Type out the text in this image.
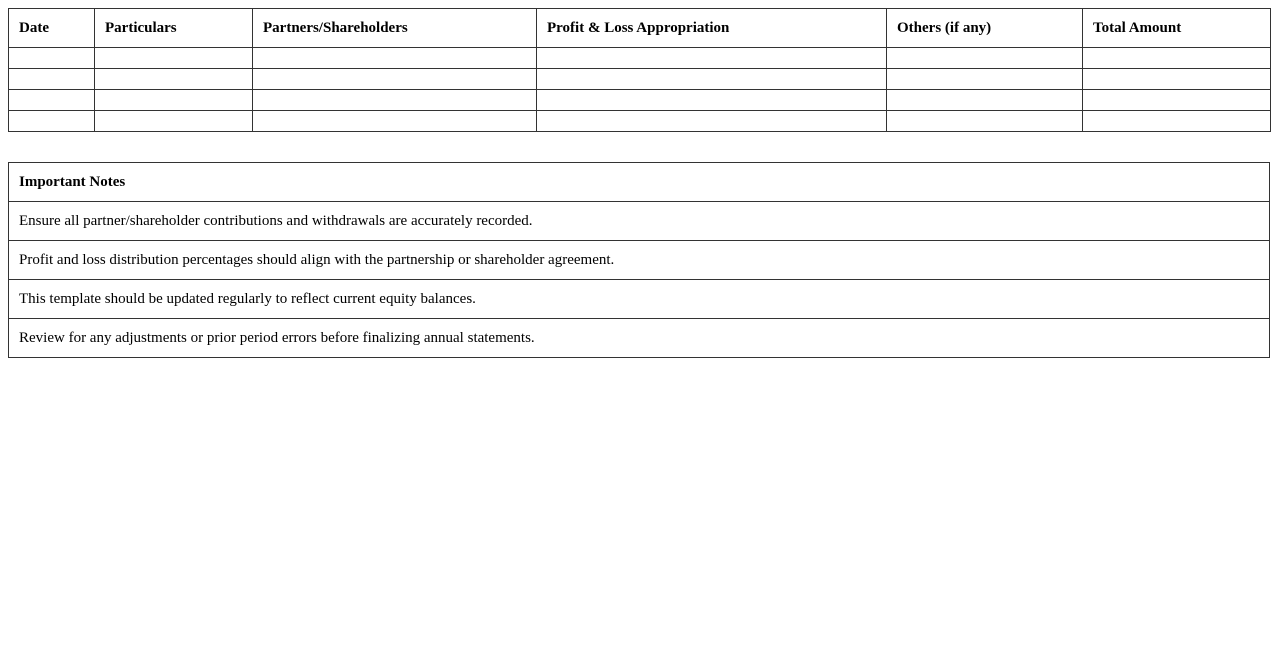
Date	Particulars	Partners/Shareholders	Profit & Loss Appropriation	Others (if any)	Total Amount

Important Notes
Ensure all partner/shareholder contributions and withdrawals are accurately recorded.
Profit and loss distribution percentages should align with the partnership or shareholder agreement.
This template should be updated regularly to reflect current equity balances.
Review for any adjustments or prior period errors before finalizing annual statements.
